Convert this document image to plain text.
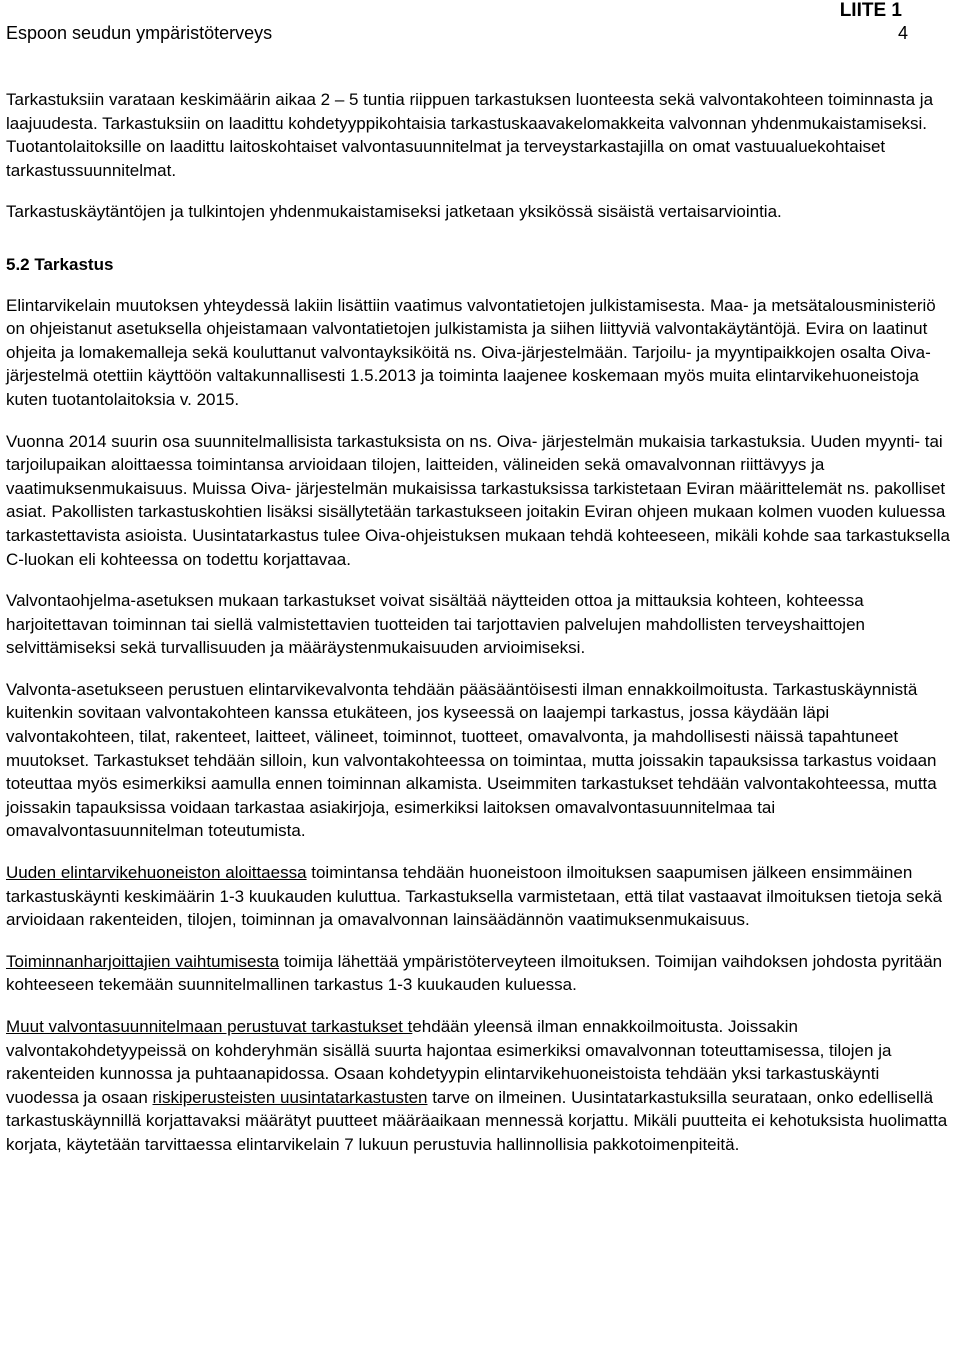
LIITE 1
Espoon seudun ympäristöterveys	4

Tarkastuksiin varataan keskimäärin aikaa 2 – 5 tuntia riippuen tarkastuksen luonteesta sekä valvontakohteen toiminnasta ja laajuudesta. Tarkastuksiin on laadittu kohdetyyppikohtaisia tarkastuskaavakelomakkeita valvonnan yhdenmukaistamiseksi. Tuotantolaitoksille on laadittu laitoskohtaiset valvontasuunnitelmat ja terveystarkastajilla on omat vastuualuekohtaiset tarkastussuunnitelmat.

Tarkastuskäytäntöjen ja tulkintojen yhdenmukaistamiseksi jatketaan yksikössä sisäistä vertaisarviointia.

5.2 Tarkastus

Elintarvikelain muutoksen yhteydessä lakiin lisättiin vaatimus valvontatietojen julkistamisesta. Maa- ja metsätalousministeriö on ohjeistanut asetuksella ohjeistamaan valvontatietojen julkistamista ja siihen liittyviä valvontakäytäntöjä. Evira on laatinut ohjeita ja lomakemalleja sekä kouluttanut valvontayksiköitä ns. Oiva-järjestelmään. Tarjoilu- ja myyntipaikkojen osalta Oiva-järjestelmä otettiin käyttöön valtakunnallisesti 1.5.2013 ja toiminta laajenee koskemaan myös muita elintarvikehuoneistoja kuten tuotantolaitoksia v. 2015.

Vuonna 2014 suurin osa suunnitelmallisista tarkastuksista on ns. Oiva- järjestelmän mukaisia tarkastuksia. Uuden myynti- tai tarjoilupaikan aloittaessa toimintansa arvioidaan tilojen, laitteiden, välineiden sekä omavalvonnan riittävyys ja vaatimuksenmukaisuus. Muissa Oiva- järjestelmän mukaisissa tarkastuksissa tarkistetaan Eviran määrittelemät ns. pakolliset asiat. Pakollisten tarkastuskohtien lisäksi sisällytetään tarkastukseen joitakin Eviran ohjeen mukaan kolmen vuoden kuluessa tarkastettavista asioista. Uusintatarkastus tulee Oiva-ohjeistuksen mukaan tehdä kohteeseen, mikäli kohde saa tarkastuksella C-luokan eli kohteessa on todettu korjattavaa.

Valvontaohjelma-asetuksen mukaan tarkastukset voivat sisältää näytteiden ottoa ja mittauksia kohteen, kohteessa harjoitettavan toiminnan tai siellä valmistettavien tuotteiden tai tarjottavien palvelujen mahdollisten terveyshaittojen selvittämiseksi sekä turvallisuuden ja määräystenmukaisuuden arvioimiseksi.

Valvonta-asetukseen perustuen elintarvikevalvonta tehdään pääsääntöisesti ilman ennakkoilmoitusta. Tarkastuskäynnistä kuitenkin sovitaan valvontakohteen kanssa etukäteen, jos kyseessä on laajempi tarkastus, jossa käydään läpi valvontakohteen, tilat, rakenteet, laitteet, välineet, toiminnot, tuotteet, omavalvonta, ja mahdollisesti näissä tapahtuneet muutokset. Tarkastukset tehdään silloin, kun valvontakohteessa on toimintaa, mutta joissakin tapauksissa tarkastus voidaan toteuttaa myös esimerkiksi aamulla ennen toiminnan alkamista. Useimmiten tarkastukset tehdään valvontakohteessa, mutta joissakin tapauksissa voidaan tarkastaa asiakirjoja, esimerkiksi laitoksen omavalvontasuunnitelmaa tai omavalvontasuunnitelman toteutumista.

Uuden elintarvikehuoneiston aloittaessa toimintansa tehdään huoneistoon ilmoituksen saapumisen jälkeen ensimmäinen tarkastuskäynti keskimäärin 1-3 kuukauden kuluttua. Tarkastuksella varmistetaan, että tilat vastaavat ilmoituksen tietoja sekä arvioidaan rakenteiden, tilojen, toiminnan ja omavalvonnan lainsäädännön vaatimuksenmukaisuus.

Toiminnanharjoittajien vaihtumisesta toimija lähettää ympäristöterveyteen ilmoituksen. Toimijan vaihdoksen johdosta pyritään kohteeseen tekemään suunnitelmallinen tarkastus 1-3 kuukauden kuluessa.

Muut valvontasuunnitelmaan perustuvat tarkastukset tehdään yleensä ilman ennakkoilmoitusta. Joissakin valvontakohdetyypeissä on kohderyhmän sisällä suurta hajontaa esimerkiksi omavalvonnan toteuttamisessa, tilojen ja rakenteiden kunnossa ja puhtaanapidossa. Osaan kohdetyypin elintarvikehuoneistoista tehdään yksi tarkastuskäynti vuodessa ja osaan riskiperusteisten uusintatarkastusten tarve on ilmeinen. Uusintatarkastuksilla seurataan, onko edellisellä tarkastuskäynnillä korjattavaksi määrätyt puutteet määräaikaan mennessä korjattu. Mikäli puutteita ei kehotuksista huolimatta korjata, käytetään tarvittaessa elintarvikelain 7 lukuun perustuvia hallinnollisia pakkotoimenpiteitä.
